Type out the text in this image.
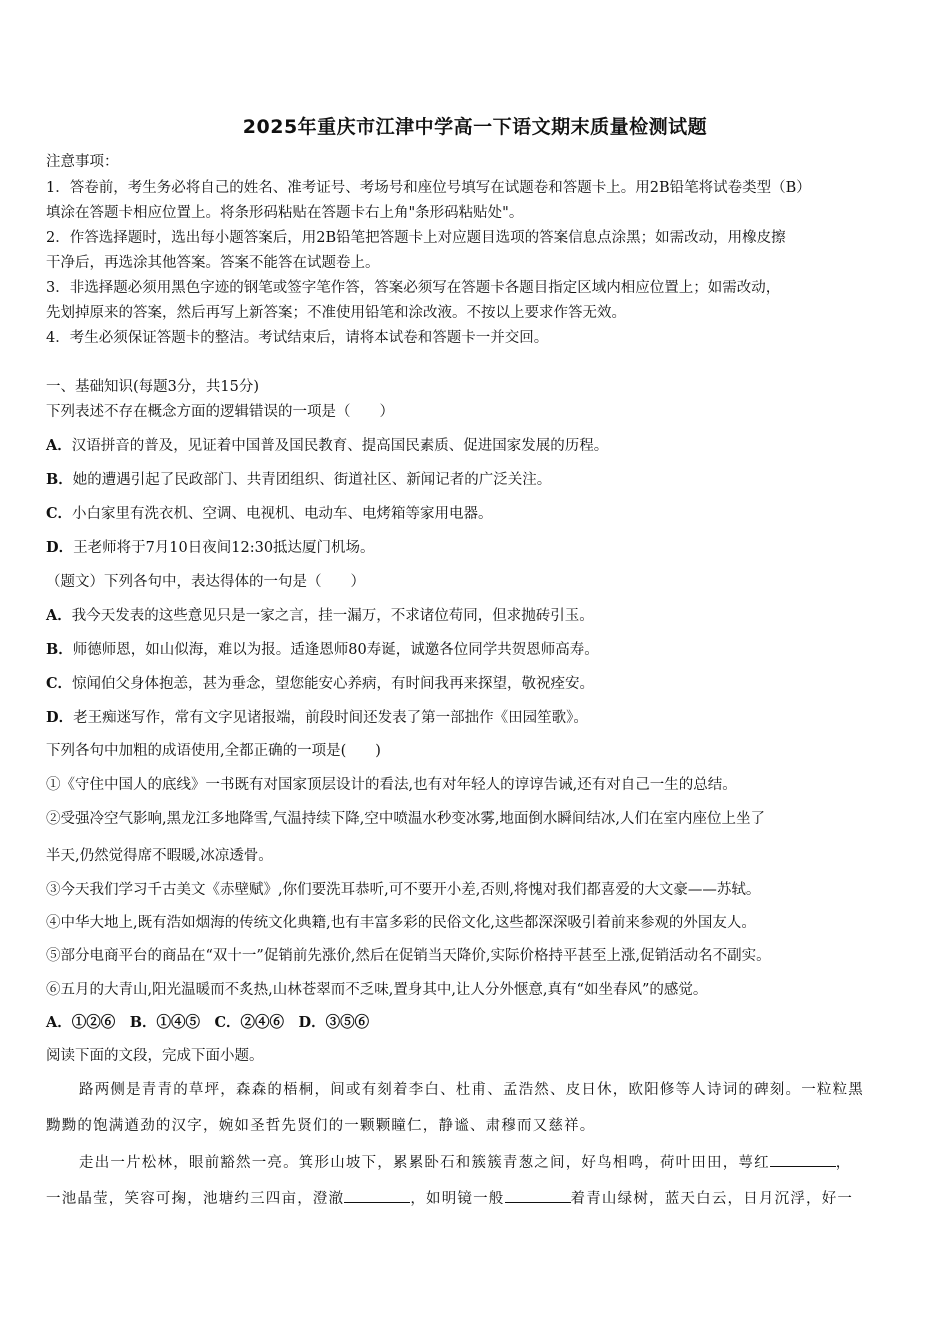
2025年重庆市江津中学高一下语文期末质量检测试题
注意事项：
1．答卷前，考生务必将自己的姓名、准考证号、考场号和座位号填写在试题卷和答题卡上。用2B铅笔将试卷类型（B）
填涂在答题卡相应位置上。将条形码粘贴在答题卡右上角"条形码粘贴处"。
2．作答选择题时，选出每小题答案后，用2B铅笔把答题卡上对应题目选项的答案信息点涂黑；如需改动，用橡皮擦
干净后，再选涂其他答案。答案不能答在试题卷上。
3．非选择题必须用黑色字迹的钢笔或签字笔作答，答案必须写在答题卡各题目指定区域内相应位置上；如需改动，
先划掉原来的答案，然后再写上新答案；不准使用铅笔和涂改液。不按以上要求作答无效。
4．考生必须保证答题卡的整洁。考试结束后，请将本试卷和答题卡一并交回。
一、基础知识(每题3分，共15分)
下列表述不存在概念方面的逻辑错误的一项是（　　）
A．汉语拼音的普及，见证着中国普及国民教育、提高国民素质、促进国家发展的历程。
B．她的遭遇引起了民政部门、共青团组织、街道社区、新闻记者的广泛关注。
C．小白家里有洗衣机、空调、电视机、电动车、电烤箱等家用电器。
D．王老师将于7月10日夜间12:30抵达厦门机场。
（题文）下列各句中，表达得体的一句是（　　）
A．我今天发表的这些意见只是一家之言，挂一漏万，不求诸位苟同，但求抛砖引玉。
B．师德师恩，如山似海，难以为报。适逢恩师80寿诞，诚邀各位同学共贺恩师高寿。
C．惊闻伯父身体抱恙，甚为垂念，望您能安心养病，有时间我再来探望，敬祝痊安。
D．老王痴迷写作，常有文字见诸报端，前段时间还发表了第一部拙作《田园笙歌》。
下列各句中加粗的成语使用,全都正确的一项是(　　)
①《守住中国人的底线》一书既有对国家顶层设计的看法,也有对年轻人的谆谆告诫,还有对自己一生的总结。
②受强冷空气影响,黑龙江多地降雪,气温持续下降,空中喷温水秒变冰雾,地面倒水瞬间结冰,人们在室内座位上坐了
半天,仍然觉得席不暇暖,冰凉透骨。
③今天我们学习千古美文《赤壁赋》,你们要洗耳恭听,可不要开小差,否则,将愧对我们都喜爱的大文豪——苏轼。
④中华大地上,既有浩如烟海的传统文化典籍,也有丰富多彩的民俗文化,这些都深深吸引着前来参观的外国友人。
⑤部分电商平台的商品在“双十一”促销前先涨价,然后在促销当天降价,实际价格持平甚至上涨,促销活动名不副实。
⑥五月的大青山,阳光温暖而不炙热,山林苍翠而不乏味,置身其中,让人分外惬意,真有“如坐春风”的感觉。
A．①②⑥　B．①④⑤　C．②④⑥　D．③⑤⑥
阅读下面的文段，完成下面小题。
路两侧是青青的草坪，森森的梧桐，间或有刻着李白、杜甫、孟浩然、皮日休，欧阳修等人诗词的碑刻。一粒粒黑
黝黝的饱满遒劲的汉字，婉如圣哲先贤们的一颗颗瞳仁，静谧、肃穆而又慈祥。
走出一片松林，眼前豁然一亮。箕形山坡下，累累卧石和簇簇青葱之间，好鸟相鸣，荷叶田田，萼红	，
一池晶莹，笑容可掬，池塘约三四亩，澄澈	，如明镜一般	着青山绿树，蓝天白云，日月沉浮，好一
